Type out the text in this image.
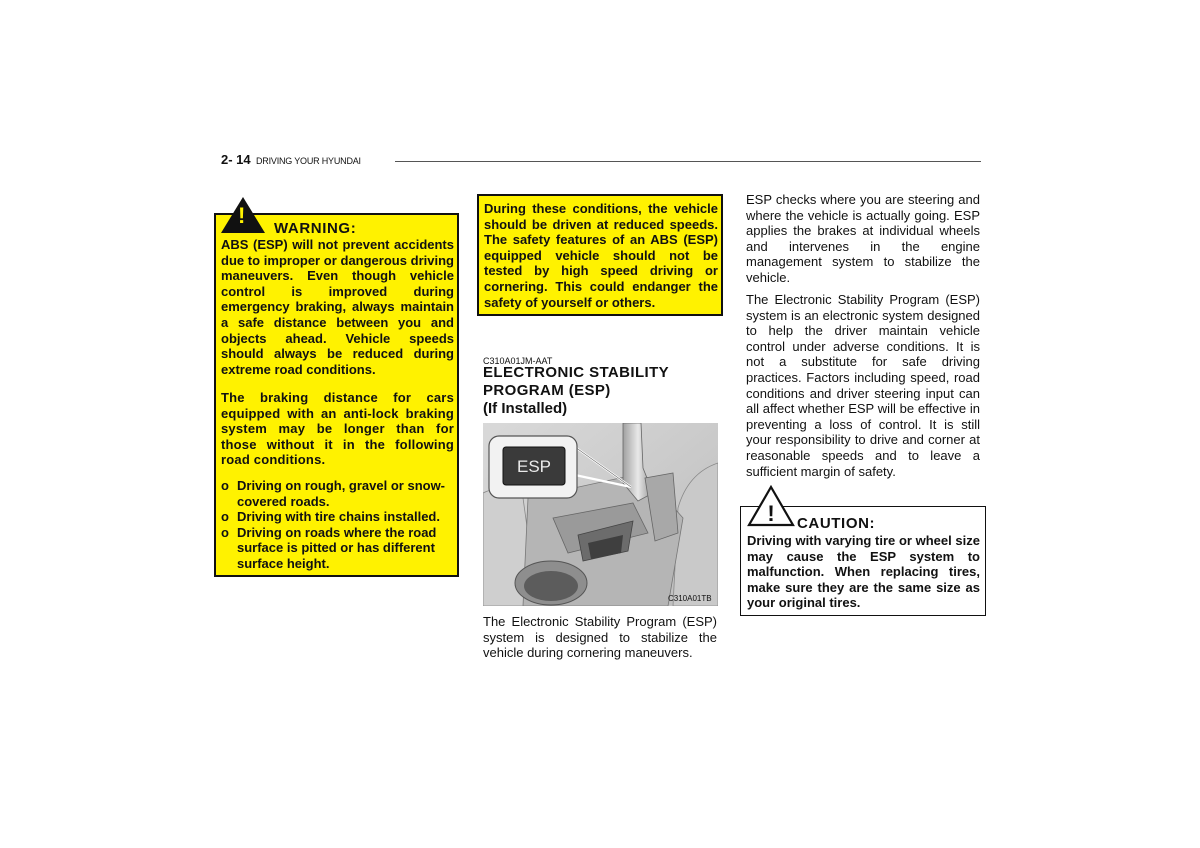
2- 14 DRIVING YOUR HYUNDAI
!
WARNING:
ABS (ESP) will not prevent accidents due to improper or dangerous driving maneuvers. Even though vehicle control is improved during emergency braking, always maintain a safe distance between you and objects ahead. Vehicle speeds should always be reduced during extreme road conditions.
The braking distance for cars equipped with an anti-lock braking system may be longer than for those without it in the following road conditions.
o Driving on rough, gravel or snow-covered roads.
o Driving with tire chains installed.
o Driving on roads where the road surface is pitted or has different surface height.
During these conditions, the vehicle should be driven at reduced speeds. The safety features of an ABS (ESP) equipped vehicle should not be tested by high speed driving or cornering. This could endanger the safety of yourself or others.
C310A01JM-AAT
ELECTRONIC STABILITY
PROGRAM (ESP)
(If Installed)
ESP
C310A01TB
The Electronic Stability Program (ESP) system is designed to stabilize the vehicle during cornering maneuvers.
ESP checks where you are steering and where the vehicle is actually going. ESP applies the brakes at individual wheels and intervenes in the engine management system to stabilize the vehicle.
The Electronic Stability Program (ESP) system is an electronic system designed to help the driver maintain vehicle control under adverse conditions. It is not a substitute for safe driving practices. Factors including speed, road conditions and driver steering input can all affect whether ESP will be effective in preventing a loss of control. It is still your responsibility to drive and corner at reasonable speeds and to leave a sufficient margin of safety.
! CAUTION:
Driving with varying tire or wheel size may cause the ESP system to malfunction. When replacing tires, make sure they are the same size as your original tires.
